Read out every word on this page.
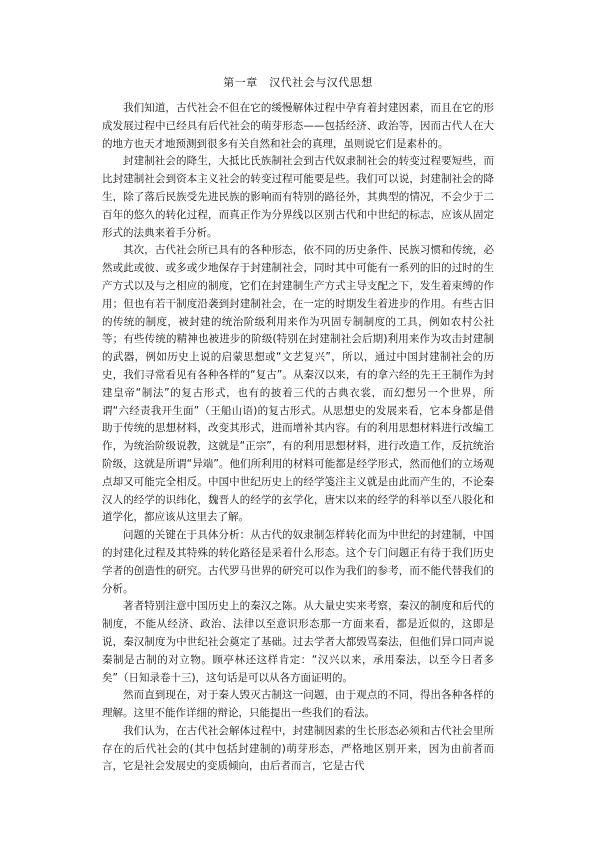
第一章　汉代社会与汉代思想

我们知道，古代社会不但在它的缓慢解体过程中孕育着封建因素，而且在它的形成发展过程中已经具有后代社会的萌芽形态——包括经济、政治等，因而古代人在大的地方也天才地预测到很多有关自然和社会的真理，虽则说它们是素朴的。

封建制社会的降生，大抵比氏族制社会到古代奴隶制社会的转变过程要短些，而比封建制社会到资本主义社会的转变过程可能要是些。我们可以说，封建制社会的降生，除了落后民族受先进民族的影响而有特别的路径外，其典型的情况，不会少于二百年的悠久的转化过程，而真正作为分界线以区别古代和中世纪的标志，应该从固定形式的法典来着手分析。

其次，古代社会所已具有的各种形态，依不同的历史条件、民族习惯和传统，必然或此或彼、或多或少地保存于封建制社会，同时其中可能有一系列的旧的过时的生产方式以及与之相应的制度，它们在封建制生产方式主导支配之下，发生着束缚的作用；但也有若干制度沿袭到封建制社会，在一定的时期发生着进步的作用。有些古旧的传统的制度，被封建的统治阶级利用来作为巩固专制制度的工具，例如农村公社等；有些传统的精神也被进步的阶级(特别在封建制社会后期)利用来作为攻击封建制的武器，例如历史上说的启蒙思想或“文艺复兴”，所以，通过中国封建制社会的历史，我们寻常看见有各种各样的“复古”。从秦汉以来，有的拿六经的先王王制作为封建皇帝“制法”的复古形式，也有的披着三代的古典衣裳，而幻想另一个世界，所谓“六经责我开生面”（王船山语)的复古形式。从思想史的发展来看，它本身都是借助于传统的思想材料，改变其形式，进而增补其内容。有的利用思想材料进行改编工作，为统治阶级说教，这就是“正宗”，有的利用思想材料，进行改造工作，反抗统治阶级，这就是所谓“异端”。他们所利用的材料可能都是经学形式，然而他们的立场观点却又可能完全相反。中国中世纪历史上的经学笺注主义就是由此而产生的，不论秦汉人的经学的识纬化，魏晋人的经学的玄学化，唐宋以来的经学的科举以至八股化和道学化，都应该从这里去了解。

问题的关键在于具体分析：从古代的奴隶制怎样转化而为中世纪的封建制，中国的封建化过程及其特殊的转化路径是采着什么形态。这个专门问题正有待于我们历史学者的创造性的研究。古代罗马世界的研究可以作为我们的参考，而不能代替我们的分析。

著者特别注意中国历史上的秦汉之陈。从大量史实来考察，秦汉的制度和后代的制度，不能从经济、政治、法律以至意识形态那一方面来看，都是近似的，这即是说，秦汉制度为中世纪社会奠定了基础。过去学者大都毁骂秦法，但他们异口同声说秦制是古制的对立物。顾亭林还这样肯定：“汉兴以来，承用秦法，以至今日者多矣”（日知录卷十三)，这句话是可以从各方面证明的。

然而直到现在，对于秦人毁灭古制这一问题，由于观点的不同，得出各种各样的理解。这里不能作详细的辩论，只能提出一些我们的看法。

我们认为，在古代社会解体过程中，封建制因素的生长形态必须和古代社会里所存在的后代社会的(其中包括封建制的)萌芽形态，严格地区别开来，因为由前者而言，它是社会发展史的变质倾向，由后者而言，它是古代
